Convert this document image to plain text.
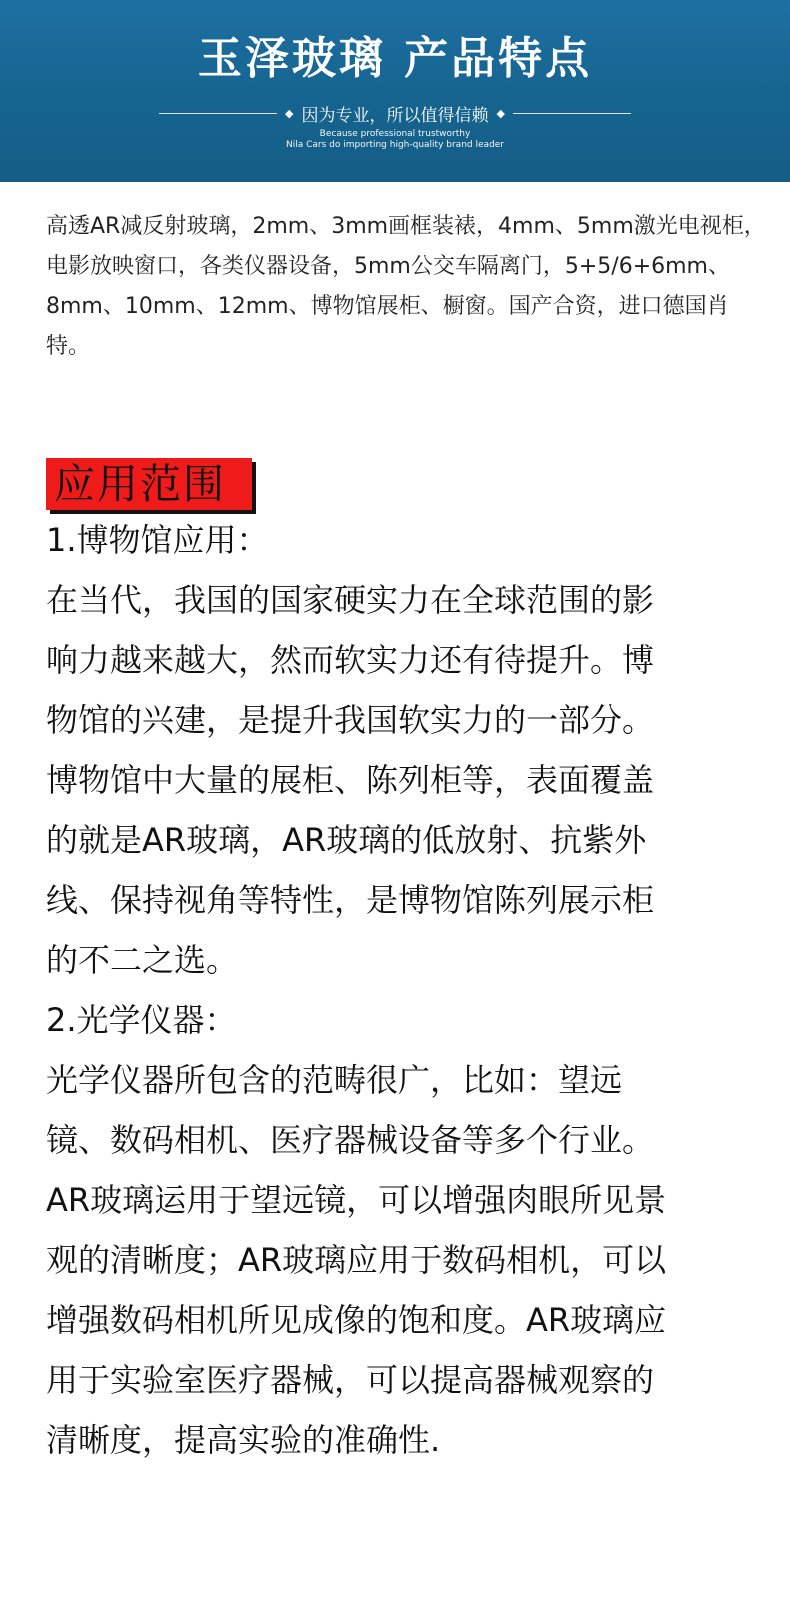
玉泽玻璃 产品特点
◆ 因为专业，所以值得信赖 ◆
Because professional trustworthy
Nila Cars do importing high-quality brand leader
高透AR减反射玻璃，2mm、3mm画框装裱，4mm、5mm激光电视柜，
电影放映窗口，各类仪器设备，5mm公交车隔离门，5+5/6+6mm、
8mm、10mm、12mm、博物馆展柜、橱窗。国产合资，进口德国肖
特。
应用范围
1.博物馆应用：
在当代，我国的国家硬实力在全球范围的影
响力越来越大，然而软实力还有待提升。博
物馆的兴建，是提升我国软实力的一部分。
博物馆中大量的展柜、陈列柜等，表面覆盖
的就是AR玻璃，AR玻璃的低放射、抗紫外
线、保持视角等特性，是博物馆陈列展示柜
的不二之选。
2.光学仪器：
光学仪器所包含的范畴很广，比如：望远
镜、数码相机、医疗器械设备等多个行业。
AR玻璃运用于望远镜，可以增强肉眼所见景
观的清晰度；AR玻璃应用于数码相机，可以
增强数码相机所见成像的饱和度。AR玻璃应
用于实验室医疗器械，可以提高器械观察的
清晰度，提高实验的准确性.
